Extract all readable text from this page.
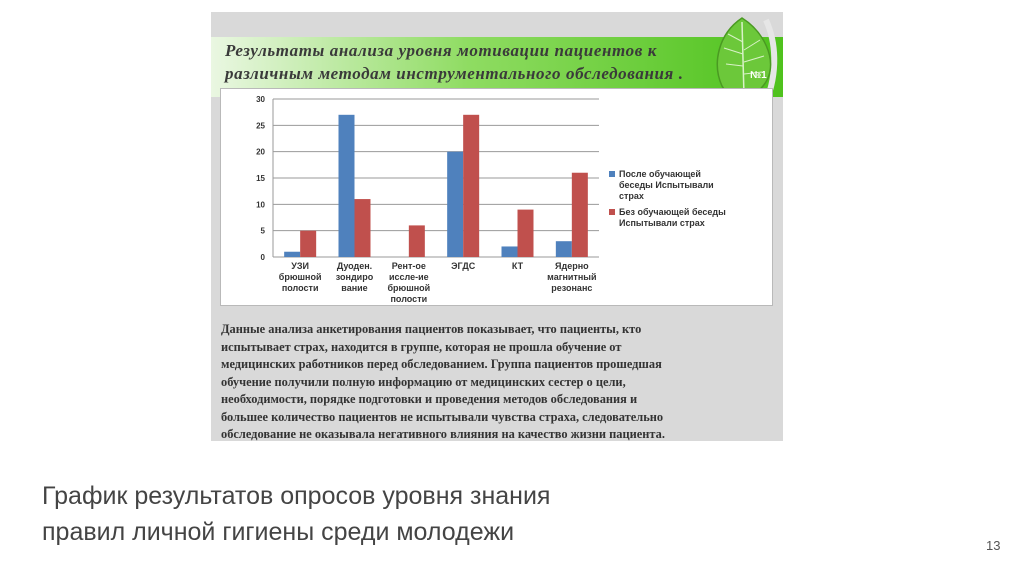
Результаты анализа уровня мотивации пациентов к
различным методам инструментального обследования .	№1
0
5
10
15
20
25
30
УЗИ
брюшной
полости
Дуоден.
зондиро
вание
Рент-ое
иссле-ие
брюшной
полости
ЭГДС	КТ	Ядерно
магнитный
резонанс
После обучающей
беседы Испытывали
страх
Без обучающей беседы
Испытывали страх
Данные анализа анкетирования пациентов показывает, что пациенты, кто
испытывает страх, находится в группе, которая не прошла обучение от
медицинских работников перед обследованием. Группа пациентов прошедшая
обучение получили полную информацию от медицинских сестер о цели,
необходимости, порядке подготовки и проведения методов обследования и
большее количество пациентов не испытывали чувства страха, следовательно
обследование не оказывала негативного влияния на качество жизни пациента.
График результатов опросов уровня знания
правил личной гигиены среди молодежи	13
